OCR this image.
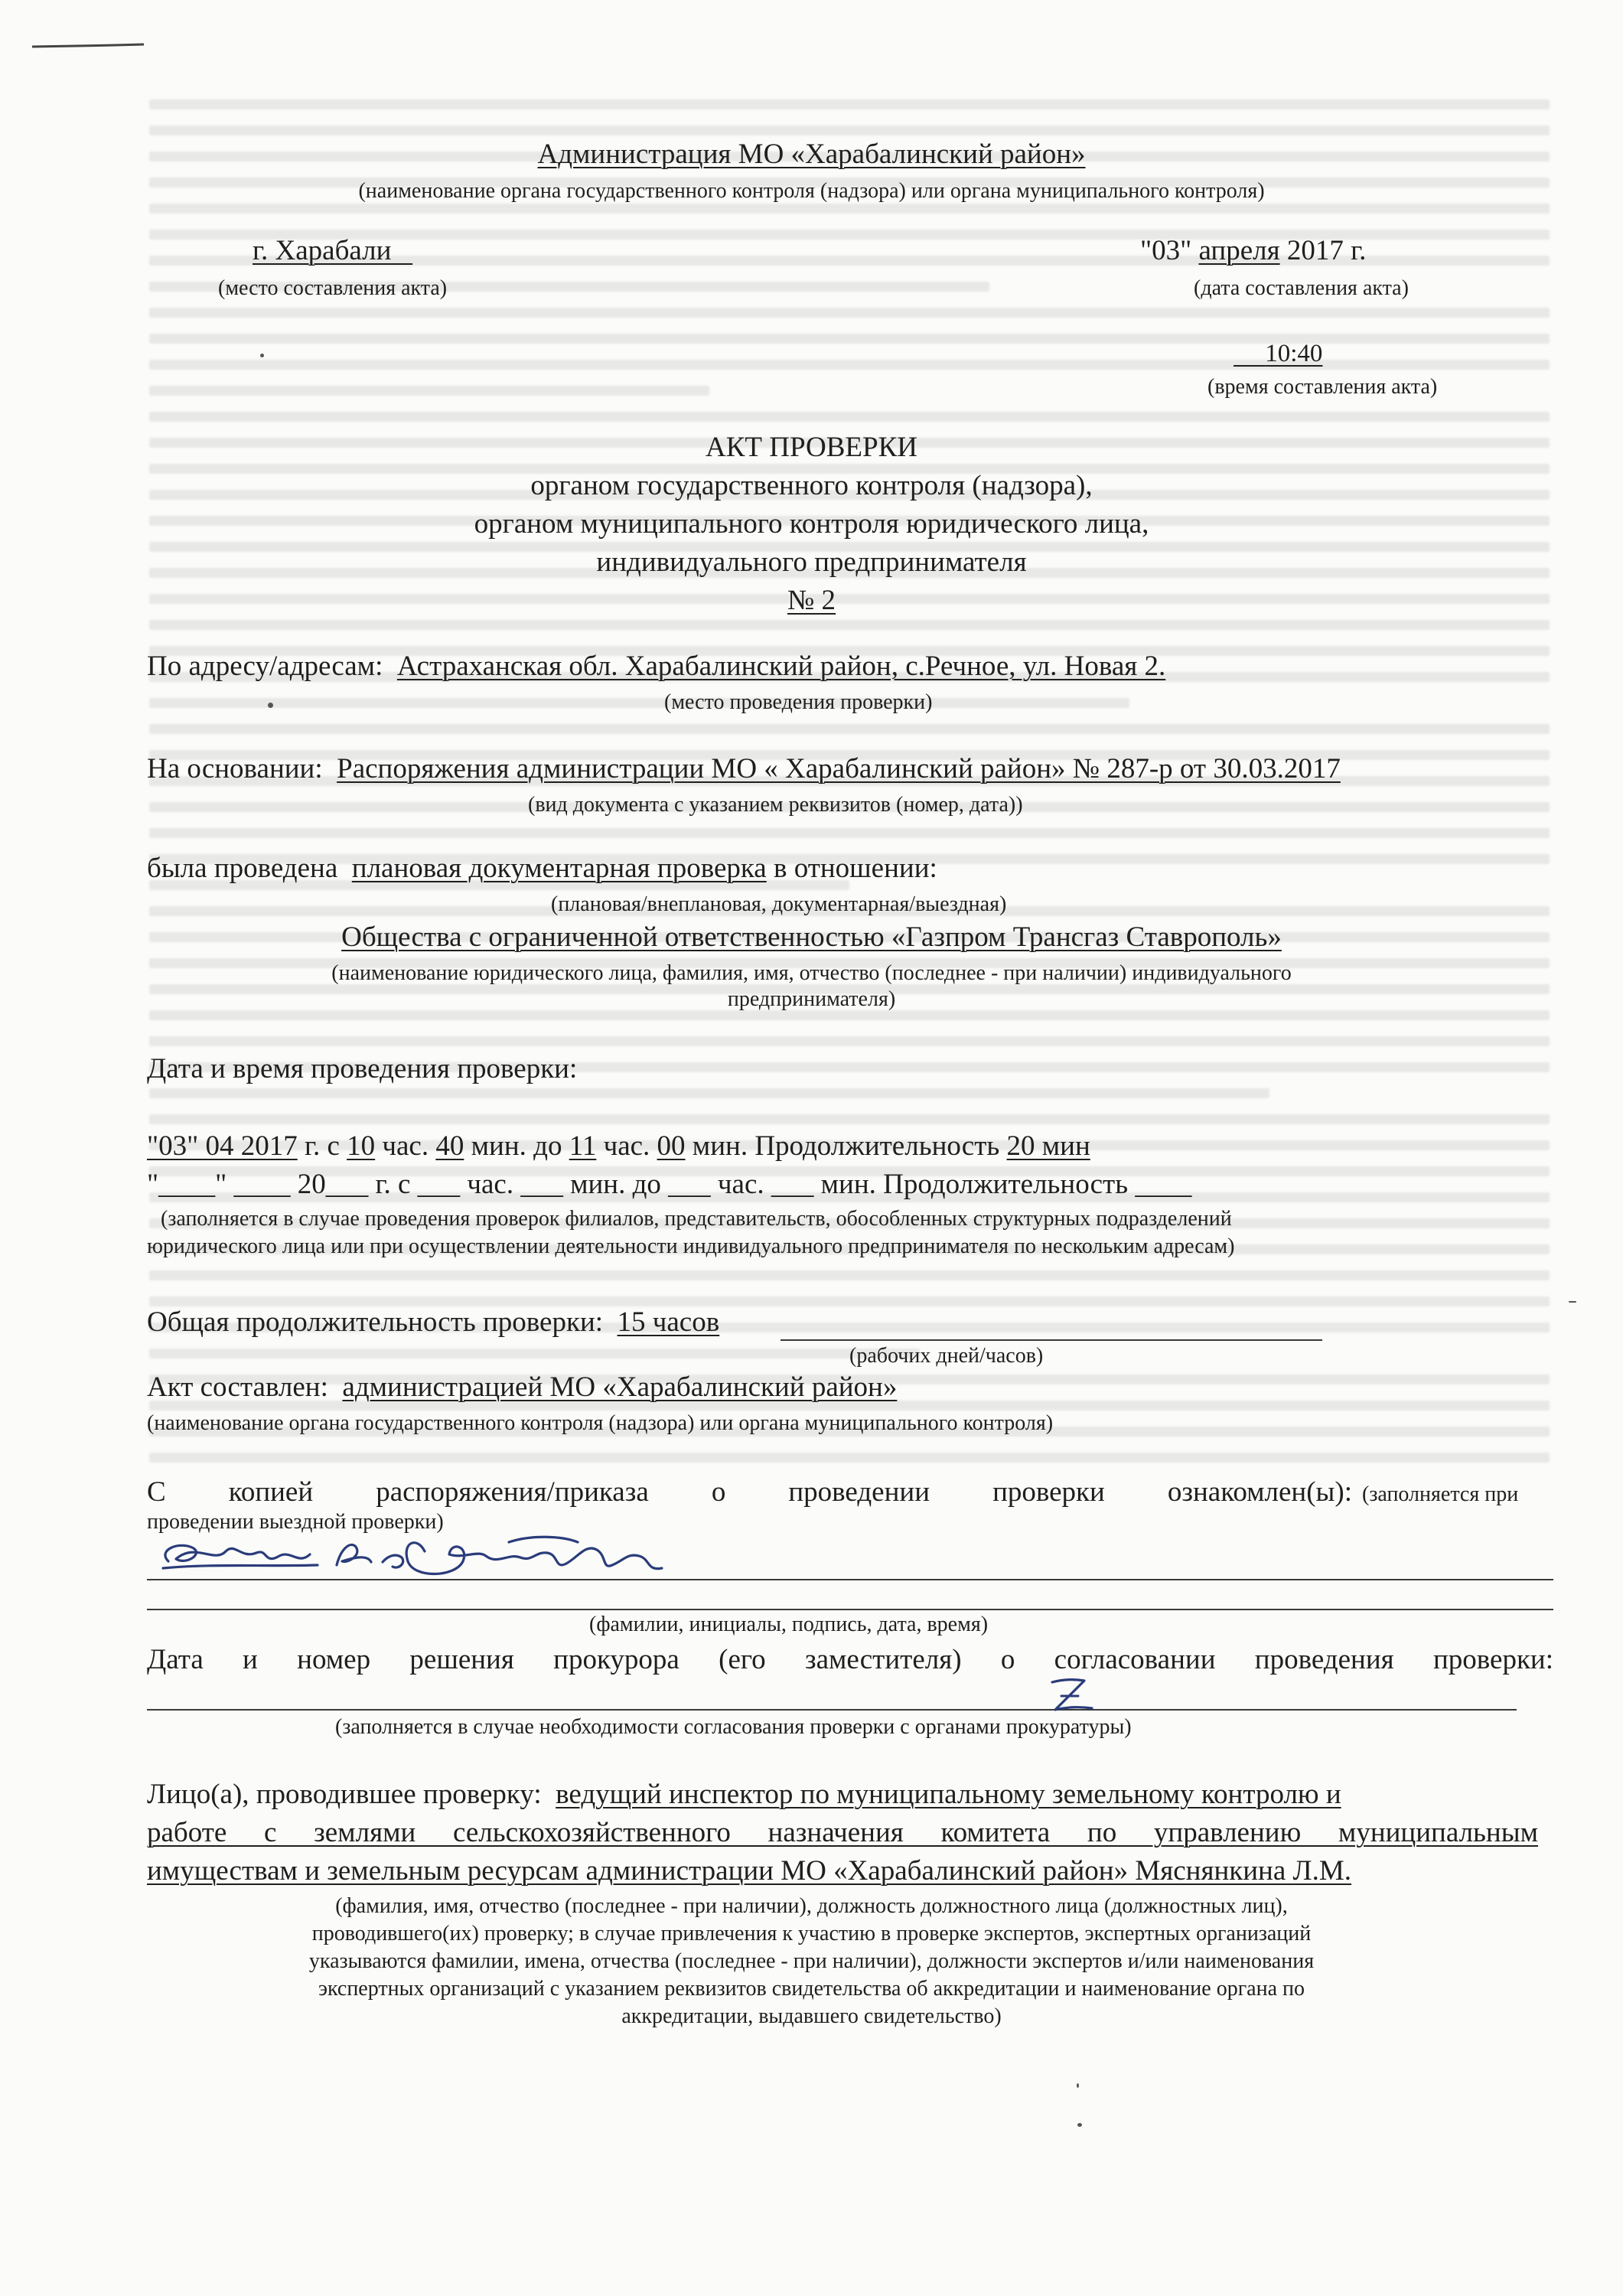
Администрация МО «Харабалинский район»
(наименование органа государственного контроля (надзора) или органа муниципального контроля)
г. Харабали
(место составления акта)
"03" апреля 2017 г.
(дата составления акта)
10:40
(время составления акта)
АКТ ПРОВЕРКИ
органом государственного контроля (надзора),
органом муниципального контроля юридического лица,
индивидуального предпринимателя
№ 2
По адресу/адресам: Астраханская обл. Харабалинский район, с.Речное, ул. Новая 2.
(место проведения проверки)
На основании: Распоряжения администрации МО « Харабалинский район» № 287-р от 30.03.2017
(вид документа с указанием реквизитов (номер, дата))
была проведена плановая документарная проверка в отношении:
(плановая/внеплановая, документарная/выездная)
Общества с ограниченной ответственностью «Газпром Трансгаз Ставрополь»
(наименование юридического лица, фамилия, имя, отчество (последнее - при наличии) индивидуального
предпринимателя)
Дата и время проведения проверки:
"03" 04 2017 г. с 10 час. 40 мин. до 11 час. 00 мин. Продолжительность 20 мин
"____" ____ 20___ г. с ___ час. ___ мин. до ___ час. ___ мин. Продолжительность ____
(заполняется в случае проведения проверок филиалов, представительств, обособленных структурных подразделений
юридического лица или при осуществлении деятельности индивидуального предпринимателя по нескольким адресам)
Общая продолжительность проверки: 15 часов
(рабочих дней/часов)
Акт составлен: администрацией МО «Харабалинский район»
(наименование органа государственного контроля (надзора) или органа муниципального контроля)
С копией распоряжения/приказа о проведении проверки ознакомлен(ы): (заполняется при
проведении выездной проверки)
(фамилии, инициалы, подпись, дата, время)
Дата и номер решения прокурора (его заместителя) о согласовании проведения проверки:
(заполняется в случае необходимости согласования проверки с органами прокуратуры)
Лицо(а), проводившее проверку: ведущий инспектор по муниципальному земельному контролю и
работе с землями сельскохозяйственного назначения комитета по управлению муниципальным
имуществам и земельным ресурсам администрации МО «Харабалинский район» Мяснянкина Л.М.
(фамилия, имя, отчество (последнее - при наличии), должность должностного лица (должностных лиц),
проводившего(их) проверку; в случае привлечения к участию в проверке экспертов, экспертных организаций
указываются фамилии, имена, отчества (последнее - при наличии), должности экспертов и/или наименования
экспертных организаций с указанием реквизитов свидетельства об аккредитации и наименование органа по
аккредитации, выдавшего свидетельство)
